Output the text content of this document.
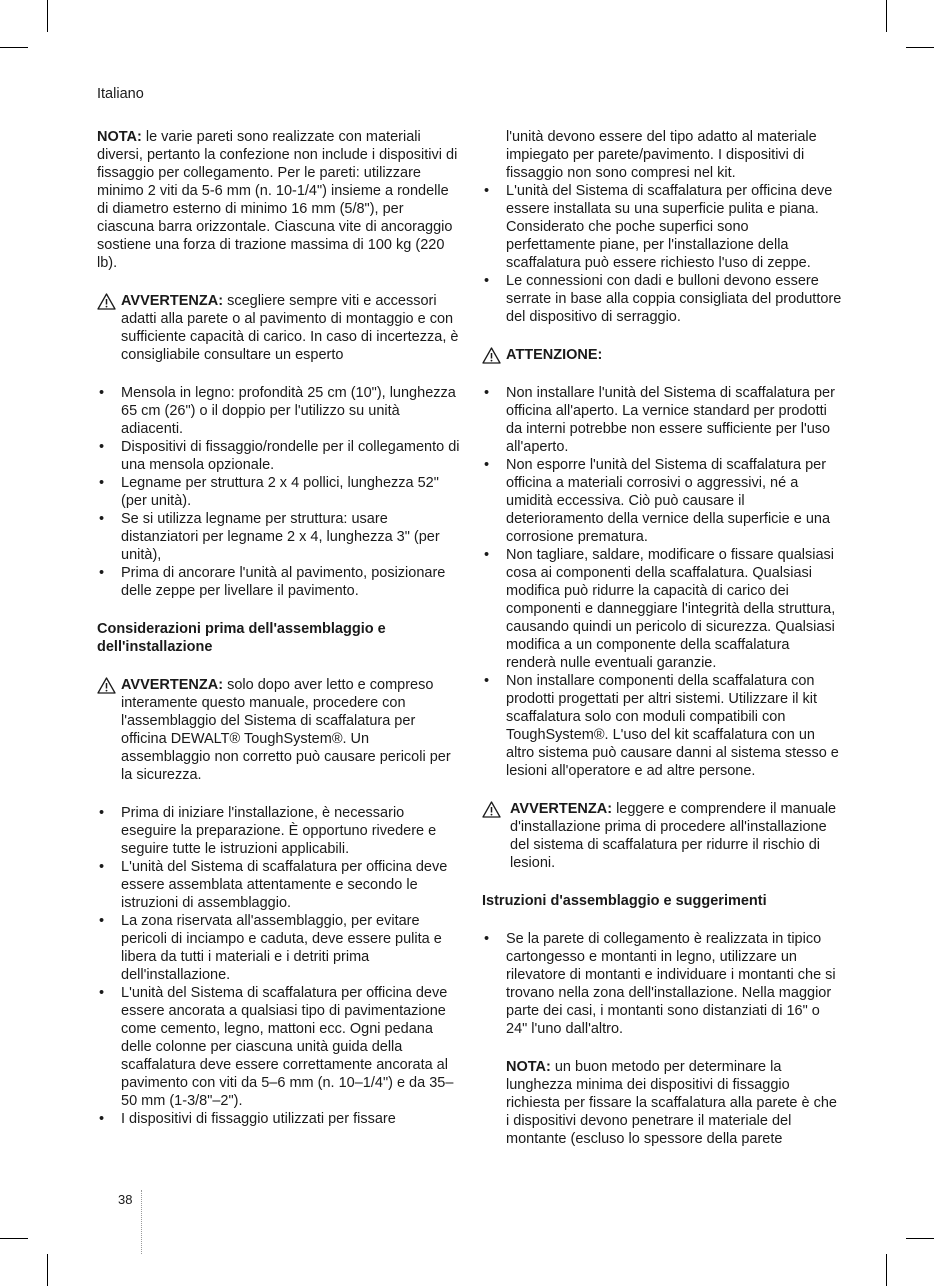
Italiano

NOTA: le varie pareti sono realizzate con materiali diversi, pertanto la confezione non include i dispositivi di fissaggio per collegamento. Per le pareti: utilizzare minimo 2 viti da 5-6 mm (n. 10-1/4") insieme a rondelle di diametro esterno di minimo 16 mm (5/8"), per ciascuna barra orizzontale. Ciascuna vite di ancoraggio sostiene una forza di trazione massima di 100 kg (220 lb).

AVVERTENZA: scegliere sempre viti e accessori adatti alla parete o al pavimento di montaggio e con sufficiente capacità di carico. In caso di incertezza, è consigliabile consultare un esperto

• Mensola in legno: profondità 25 cm (10"), lunghezza 65 cm (26") o il doppio per l'utilizzo su unità adiacenti.
• Dispositivi di fissaggio/rondelle per il collegamento di una mensola opzionale.
• Legname per struttura 2 x 4 pollici, lunghezza 52" (per unità).
• Se si utilizza legname per struttura: usare distanziatori per legname 2 x 4, lunghezza 3" (per unità),
• Prima di ancorare l'unità al pavimento, posizionare delle zeppe per livellare il pavimento.

Considerazioni prima dell'assemblaggio e dell'installazione

AVVERTENZA: solo dopo aver letto e compreso interamente questo manuale, procedere con l'assemblaggio del Sistema di scaffalatura per officina DEWALT® ToughSystem®. Un assemblaggio non corretto può causare pericoli per la sicurezza.

• Prima di iniziare l'installazione, è necessario eseguire la preparazione. È opportuno rivedere e seguire tutte le istruzioni applicabili.
• L'unità del Sistema di scaffalatura per officina deve essere assemblata attentamente e secondo le istruzioni di assemblaggio.
• La zona riservata all'assemblaggio, per evitare pericoli di inciampo e caduta, deve essere pulita e libera da tutti i materiali e i detriti prima dell'installazione.
• L'unità del Sistema di scaffalatura per officina deve essere ancorata a qualsiasi tipo di pavimentazione come cemento, legno, mattoni ecc. Ogni pedana delle colonne per ciascuna unità guida della scaffalatura deve essere correttamente ancorata al pavimento con viti da 5–6 mm (n. 10–1/4") e da 35–50 mm (1-3/8"–2").
• I dispositivi di fissaggio utilizzati per fissare

l'unità devono essere del tipo adatto al materiale impiegato per parete/pavimento. I dispositivi di fissaggio non sono compresi nel kit.

• L'unità del Sistema di scaffalatura per officina deve essere installata su una superficie pulita e piana. Considerato che poche superfici sono perfettamente piane, per l'installazione della scaffalatura può essere richiesto l'uso di zeppe.
• Le connessioni con dadi e bulloni devono essere serrate in base alla coppia consigliata del produttore del dispositivo di serraggio.

ATTENZIONE:

• Non installare l'unità del Sistema di scaffalatura per officina all'aperto. La vernice standard per prodotti da interni potrebbe non essere sufficiente per l'uso all'aperto.
• Non esporre l'unità del Sistema di scaffalatura per officina a materiali corrosivi o aggressivi, né a umidità eccessiva. Ciò può causare il deterioramento della vernice della superficie e una corrosione prematura.
• Non tagliare, saldare, modificare o fissare qualsiasi cosa ai componenti della scaffalatura. Qualsiasi modifica può ridurre la capacità di carico dei componenti e danneggiare l'integrità della struttura, causando quindi un pericolo di sicurezza. Qualsiasi modifica a un componente della scaffalatura renderà nulle eventuali garanzie.
• Non installare componenti della scaffalatura con prodotti progettati per altri sistemi. Utilizzare il kit scaffalatura solo con moduli compatibili con ToughSystem®. L'uso del kit scaffalatura con un altro sistema può causare danni al sistema stesso e lesioni all'operatore e ad altre persone.

AVVERTENZA: leggere e comprendere il manuale d'installazione prima di procedere all'installazione del sistema di scaffalatura per ridurre il rischio di lesioni.

Istruzioni d'assemblaggio e suggerimenti

• Se la parete di collegamento è realizzata in tipico cartongesso e montanti in legno, utilizzare un rilevatore di montanti e individuare i montanti che si trovano nella zona dell'installazione. Nella maggior parte dei casi, i montanti sono distanziati di 16" o 24" l'uno dall'altro.

NOTA: un buon metodo per determinare la lunghezza minima dei dispositivi di fissaggio richiesta per fissare la scaffalatura alla parete è che i dispositivi devono penetrare il materiale del montante (escluso lo spessore della parete

38
